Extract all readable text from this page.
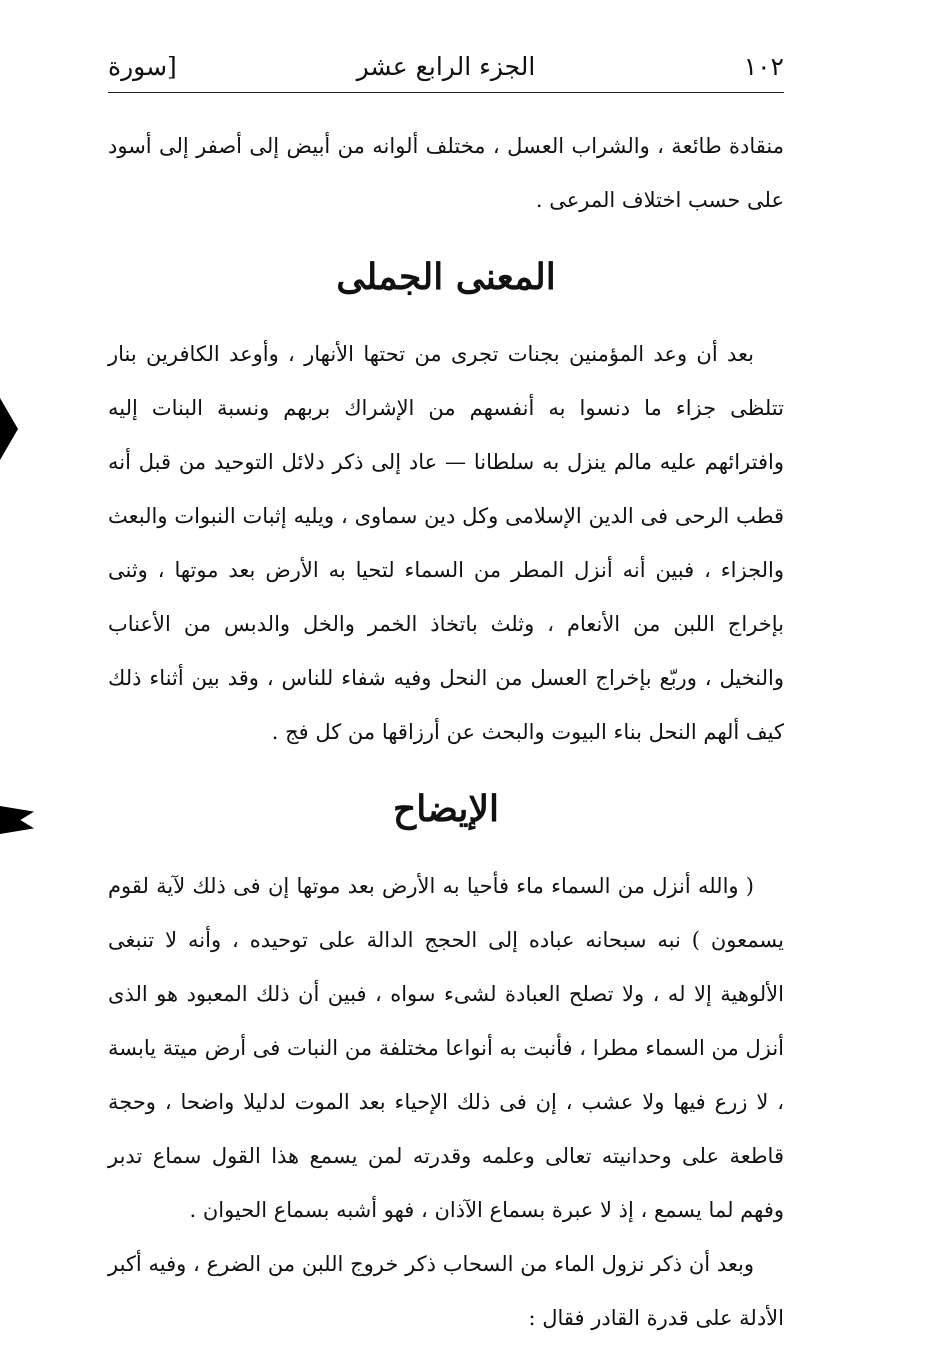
١٠٢
الجزء الرابع عشر
[سورة

منقادة طائعة ، والشراب العسل ، مختلف ألوانه من أبيض إلى أصفر إلى أسود على حسب اختلاف المرعى .

المعنى الجملى

بعد أن وعد المؤمنين بجنات تجرى من تحتها الأنهار ، وأوعد الكافرين بنار تتلظى جزاء ما دنسوا به أنفسهم من الإشراك بربهم ونسبة البنات إليه وافترائهم عليه مالم ينزل به سلطانا — عاد إلى ذكر دلائل التوحيد من قبل أنه قطب الرحى فى الدين الإسلامى وكل دين سماوى ، ويليه إثبات النبوات والبعث والجزاء ، فبين أنه أنزل المطر من السماء لتحيا به الأرض بعد موتها ، وثنى بإخراج اللبن من الأنعام ، وثلث باتخاذ الخمر والخل والدبس من الأعناب والنخيل ، وربّع بإخراج العسل من النحل وفيه شفاء للناس ، وقد بين أثناء ذلك كيف ألهم النحل بناء البيوت والبحث عن أرزاقها من كل فج .

الإيضاح

( والله أنزل من السماء ماء فأحيا به الأرض بعد موتها إن فى ذلك لآية لقوم يسمعون ) نبه سبحانه عباده إلى الحجج الدالة على توحيده ، وأنه لا تنبغى الألوهية إلا له ، ولا تصلح العبادة لشىء سواه ، فبين أن ذلك المعبود هو الذى أنزل من السماء مطرا ، فأنبت به أنواعا مختلفة من النبات فى أرض ميتة يابسة ، لا زرع فيها ولا عشب ، إن فى ذلك الإحياء بعد الموت لدليلا واضحا ، وحجة قاطعة على وحدانيته تعالى وعلمه وقدرته لمن يسمع هذا القول سماع تدبر وفهم لما يسمع ، إذ لا عبرة بسماع الآذان ، فهو أشبه بسماع الحيوان .

وبعد أن ذكر نزول الماء من السحاب ذكر خروج اللبن من الضرع ، وفيه أكبر الأدلة على قدرة القادر فقال :
